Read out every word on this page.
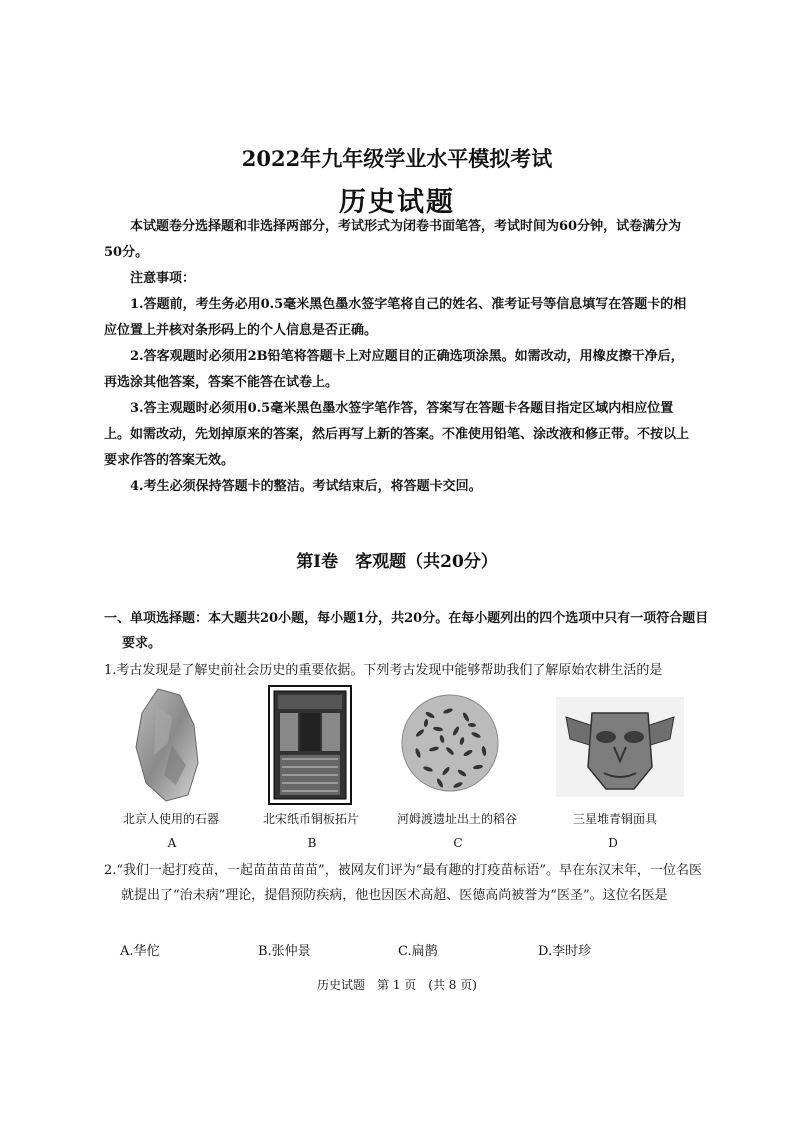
2022年九年级学业水平模拟考试
历史试题
本试题卷分选择题和非选择两部分，考试形式为闭卷书面笔答，考试时间为60分钟，试卷满分为50分。
注意事项：
1.答题前，考生务必用0.5毫米黑色墨水签字笔将自己的姓名、准考证号等信息填写在答题卡的相应位置上并核对条形码上的个人信息是否正确。
2.答客观题时必须用2B铅笔将答题卡上对应题目的正确选项涂黑。如需改动，用橡皮擦干净后，再选涂其他答案，答案不能答在试卷上。
3.答主观题时必须用0.5毫米黑色墨水签字笔作答，答案写在答题卡各题目指定区域内相应位置上。如需改动，先划掉原来的答案，然后再写上新的答案。不准使用铅笔、涂改液和修正带。不按以上要求作答的答案无效。
4.考生必须保持答题卡的整洁。考试结束后，将答题卡交回。
第Ⅰ卷　客观题（共20分）
一、单项选择题：本大题共20小题，每小题1分，共20分。在每小题列出的四个选项中只有一项符合题目要求。
1.考古发现是了解史前社会历史的重要依据。下列考古发现中能够帮助我们了解原始农耕生活的是
北京人使用的石器	北宋纸币铜板拓片	河姆渡遗址出土的稻谷	三星堆青铜面具
A	B	C	D
2.“我们一起打疫苗，一起苗苗苗苗苗”，被网友们评为“最有趣的打疫苗标语”。早在东汉末年，一位名医就提出了“治未病”理论，提倡预防疾病，他也因医术高超、医德高尚被誉为“医圣”。这位名医是
A.华佗	B.张仲景	C.扁鹊	D.李时珍
历史试题　第 1 页　(共 8 页)
